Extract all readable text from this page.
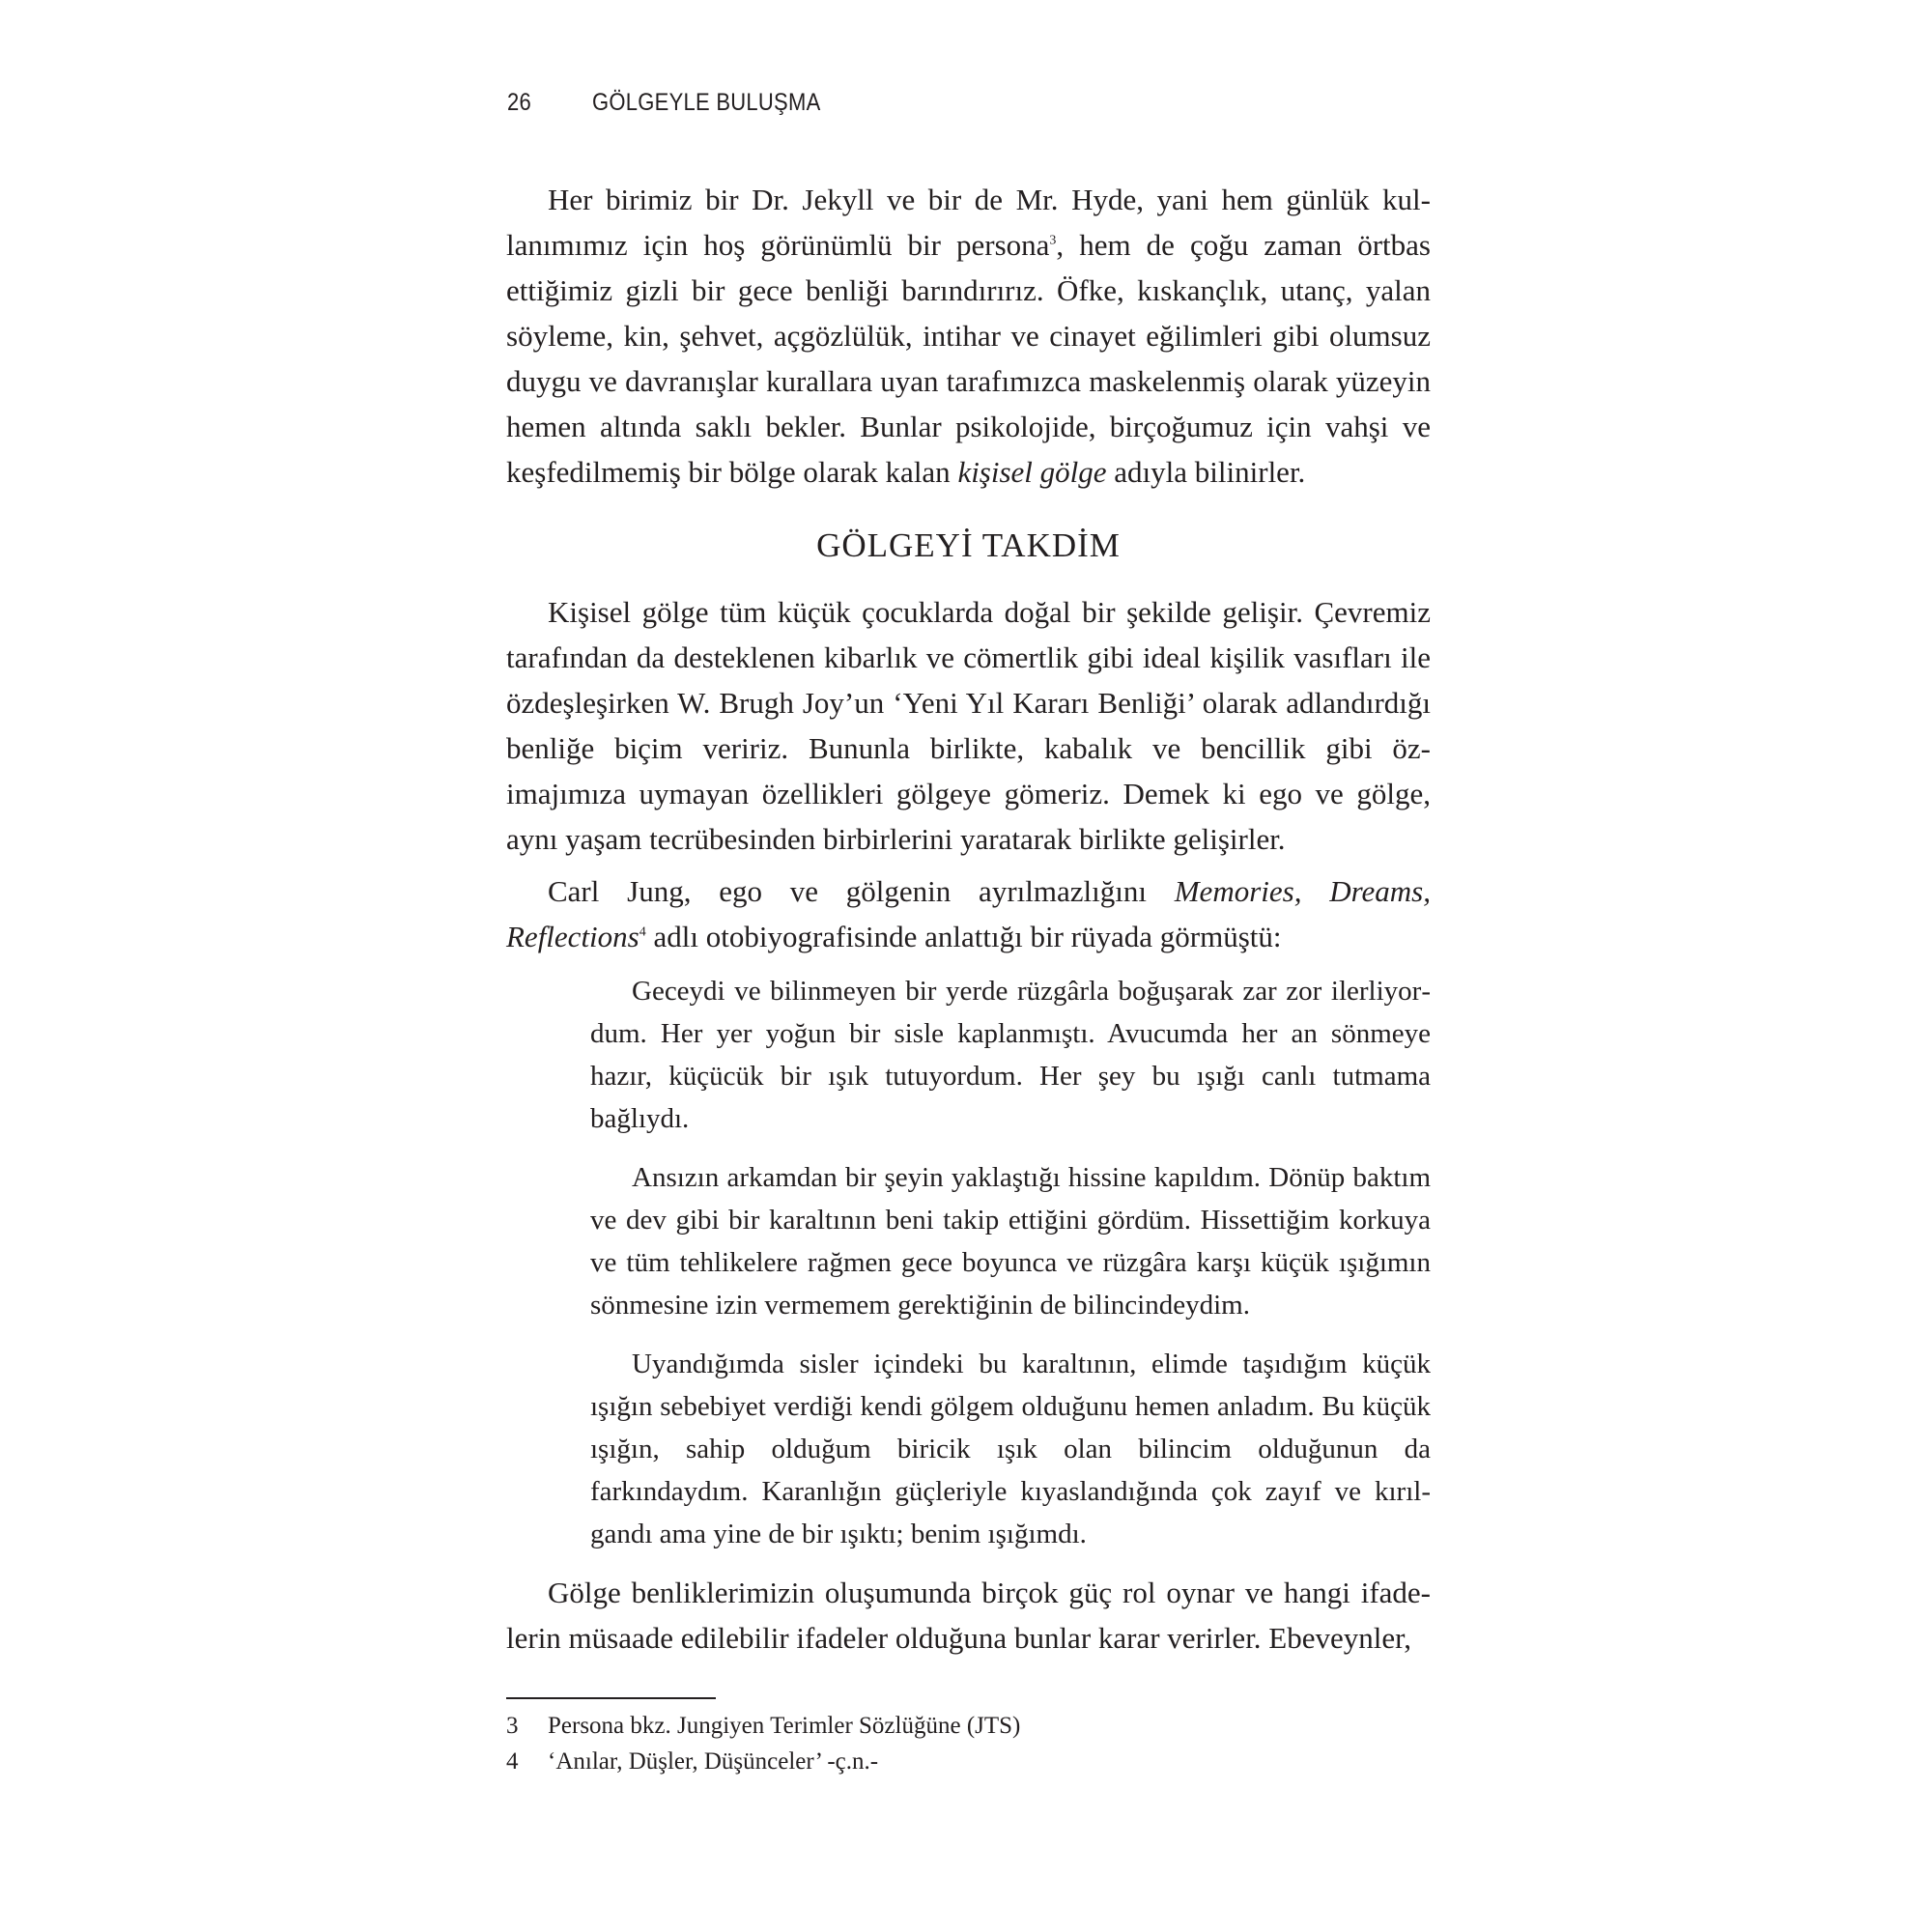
26	GÖLGEYLE BULUŞMA

Her birimiz bir Dr. Jekyll ve bir de Mr. Hyde, yani hem günlük kullanımımız için hoş görünümlü bir persona$^3$, hem de çoğu zaman örtbas ettiğimiz gizli bir gece benliği barındırırız. Öfke, kıskançlık, utanç, yalan söyleme, kin, şehvet, açgözlülük, intihar ve cinayet eğilimleri gibi olumsuz duygu ve davranışlar kurallara uyan tarafımızca maskelenmiş olarak yüzeyin hemen altında saklı bekler. Bunlar psikolojide, birçoğumuz için vahşi ve keşfedilmemiş bir bölge olarak kalan kişisel gölge adıyla bilinirler.

GÖLGEYİ TAKDİM

Kişisel gölge tüm küçük çocuklarda doğal bir şekilde gelişir. Çevremiz tarafından da desteklenen kibarlık ve cömertlik gibi ideal kişilik vasıfları ile özdeşleşirken W. Brugh Joy’un ‘Yeni Yıl Kararı Benliği’ olarak adlandırdığı benliğe biçim veririz. Bununla birlikte, kabalık ve bencillik gibi öz-imajımıza uymayan özellikleri gölgeye gömeriz. Demek ki ego ve gölge, aynı yaşam tecrübesinden birbirlerini yaratarak birlikte gelişirler.

Carl Jung, ego ve gölgenin ayrılmazlığını Memories, Dreams, Reflections$^4$ adlı otobiyografisinde anlattığı bir rüyada görmüştü:

Geceydi ve bilinmeyen bir yerde rüzgârla boğuşarak zar zor ilerliyordum. Her yer yoğun bir sisle kaplanmıştı. Avucumda her an sönmeye hazır, küçücük bir ışık tutuyordum. Her şey bu ışığı canlı tutmama bağlıydı.

Ansızın arkamdan bir şeyin yaklaştığı hissine kapıldım. Dönüp baktım ve dev gibi bir karaltının beni takip ettiğini gördüm. Hissettiğim korkuya ve tüm tehlikelere rağmen gece boyunca ve rüzgâra karşı küçük ışığımın sönmesine izin vermemem gerektiğinin de bilincindeydim.

Uyandığımda sisler içindeki bu karaltının, elimde taşıdığım küçük ışığın sebebiyet verdiği kendi gölgem olduğunu hemen anladım. Bu küçük ışığın, sahip olduğum biricik ışık olan bilincim olduğunun da farkındaydım. Karanlığın güçleriyle kıyaslandığında çok zayıf ve kırılgandı ama yine de bir ışıktı; benim ışığımdı.

Gölge benliklerimizin oluşumunda birçok güç rol oynar ve hangi ifadelerin müsaade edilebilir ifadeler olduğuna bunlar karar verirler. Ebeveynler,

3	Persona bkz. Jungiyen Terimler Sözlüğüne (JTS)
4	‘Anılar, Düşler, Düşünceler’ -ç.n.-
